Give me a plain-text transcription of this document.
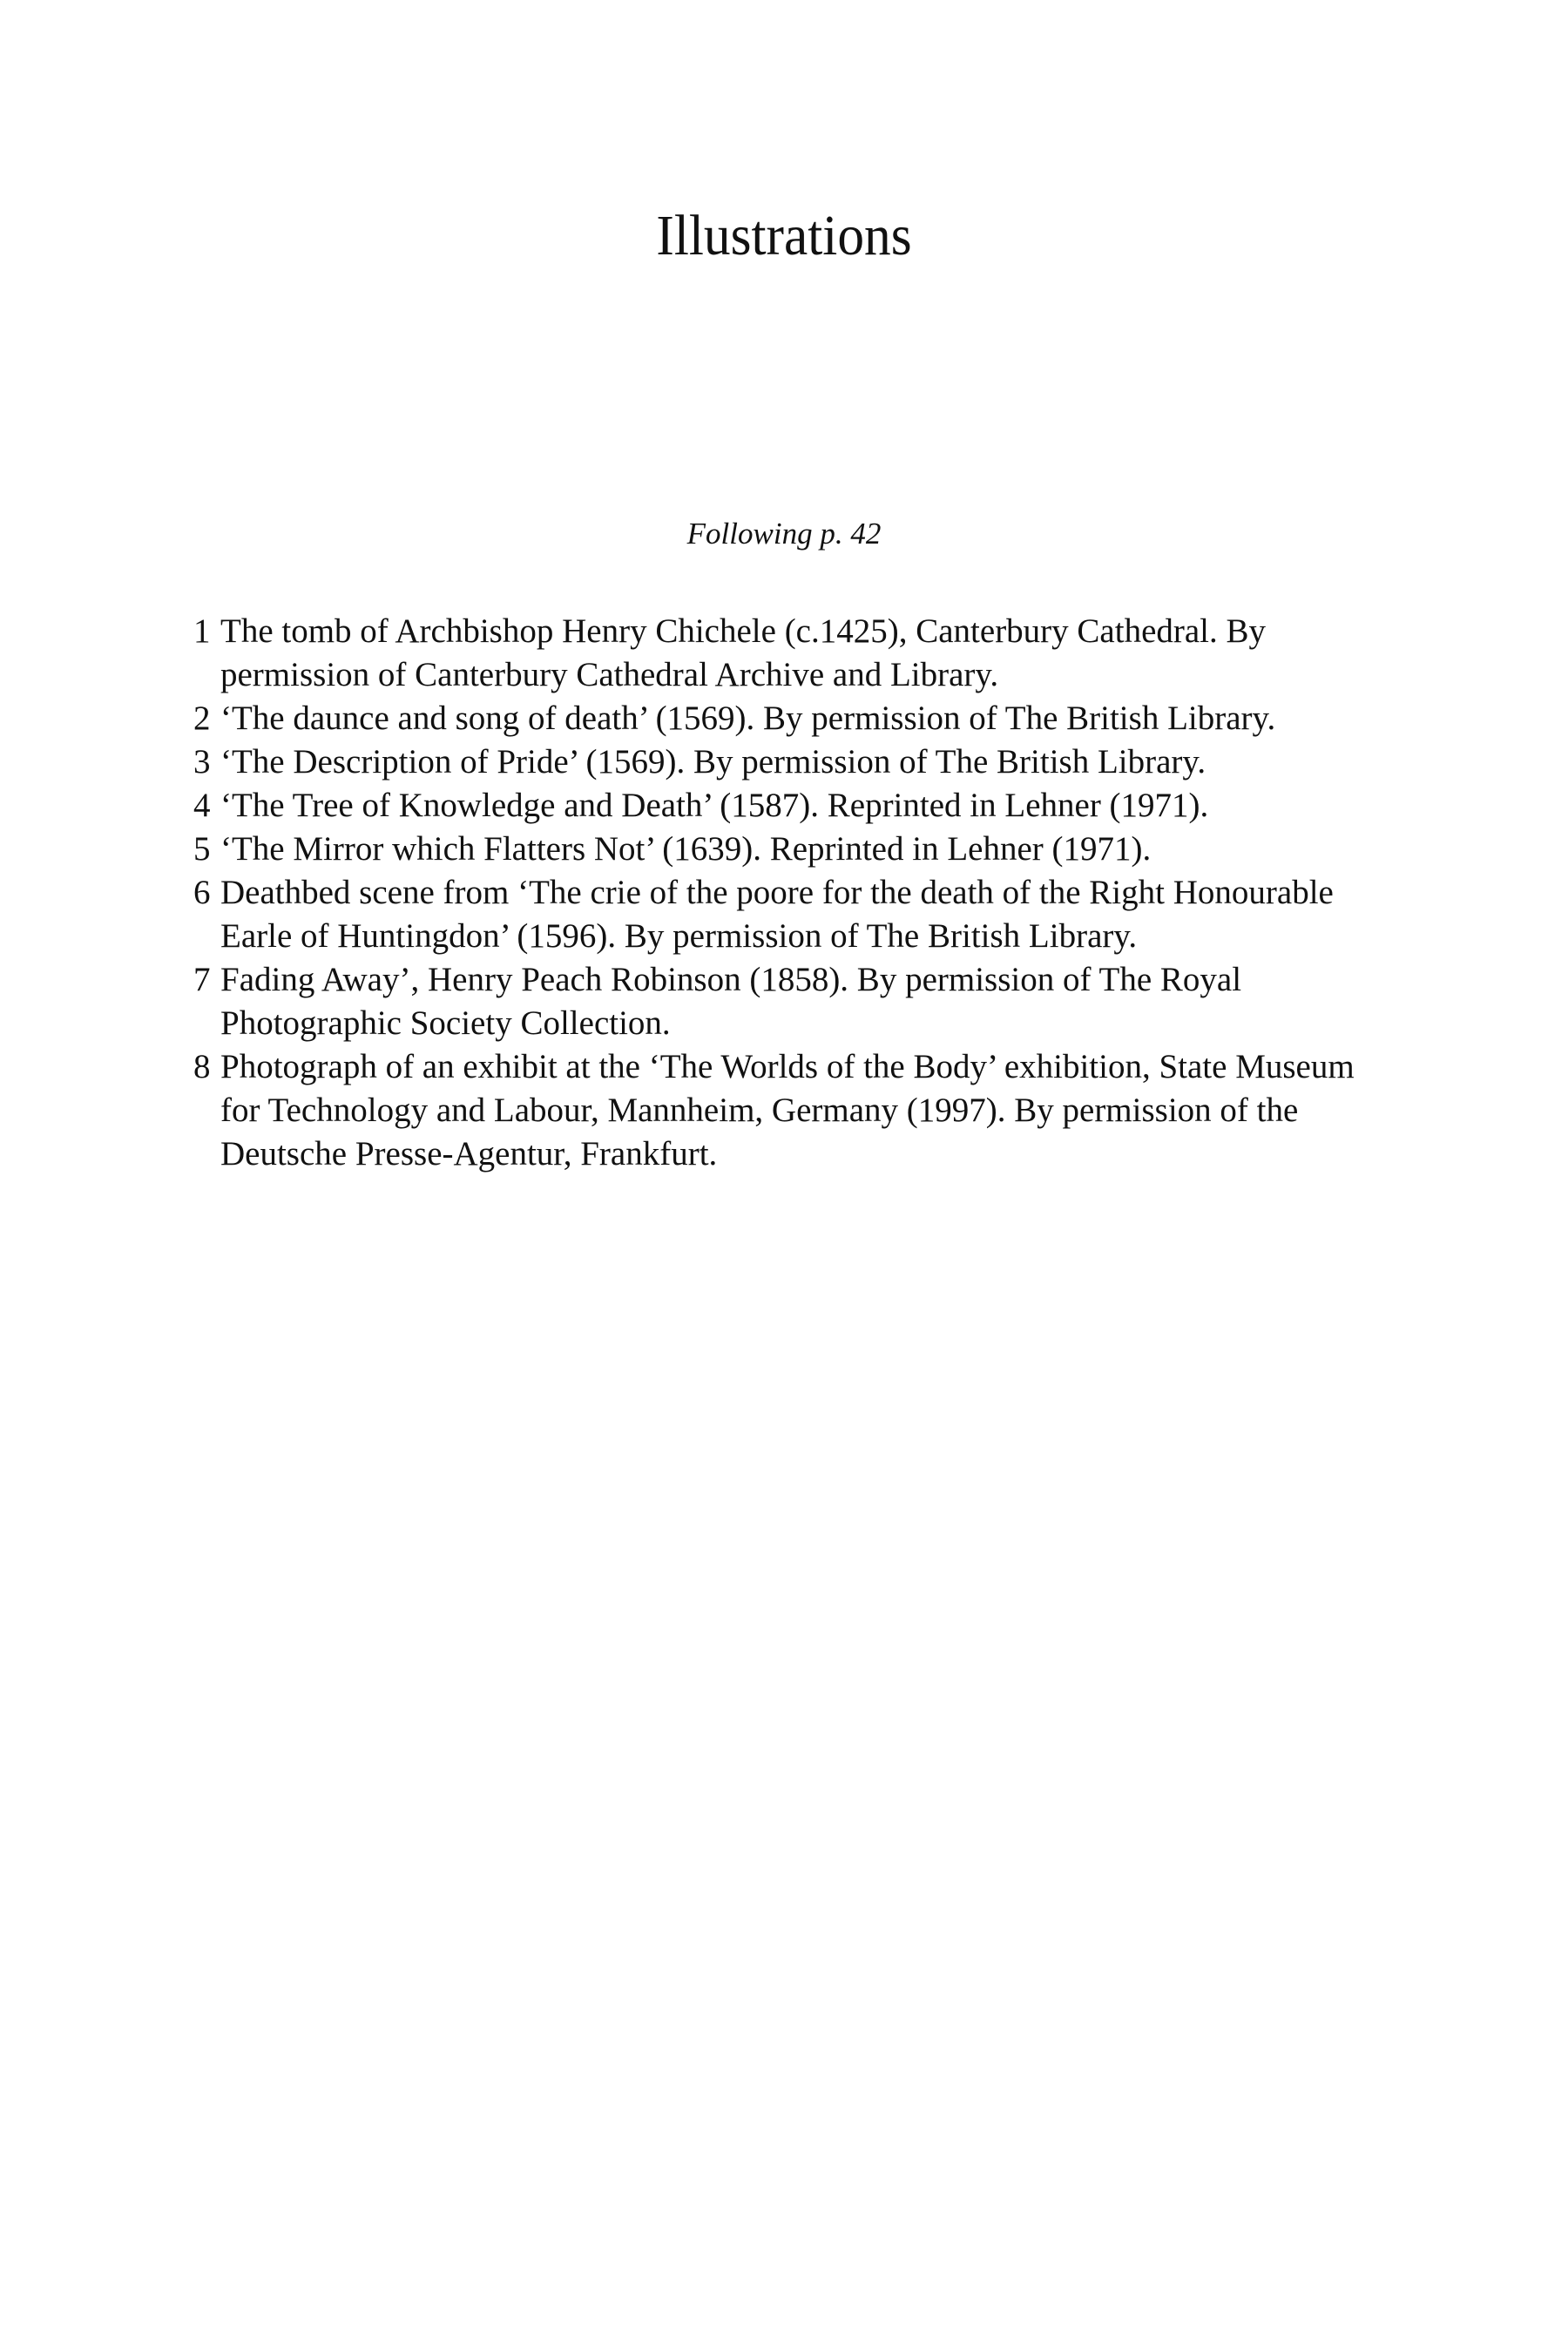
Illustrations
Following p. 42
1 The tomb of Archbishop Henry Chichele (c.1425), Canterbury Cathedral. By permission of Canterbury Cathedral Archive and Library.
2 ‘The daunce and song of death’ (1569). By permission of The British Library.
3 ‘The Description of Pride’ (1569). By permission of The British Library.
4 ‘The Tree of Knowledge and Death’ (1587). Reprinted in Lehner (1971).
5 ‘The Mirror which Flatters Not’ (1639). Reprinted in Lehner (1971).
6 Deathbed scene from ‘The crie of the poore for the death of the Right Honourable Earle of Huntingdon’ (1596). By permission of The British Library.
7 Fading Away’, Henry Peach Robinson (1858). By permission of The Royal Photographic Society Collection.
8 Photograph of an exhibit at the ‘The Worlds of the Body’ exhibition, State Museum for Technology and Labour, Mannheim, Germany (1997). By permission of the Deutsche Presse-Agentur, Frankfurt.
